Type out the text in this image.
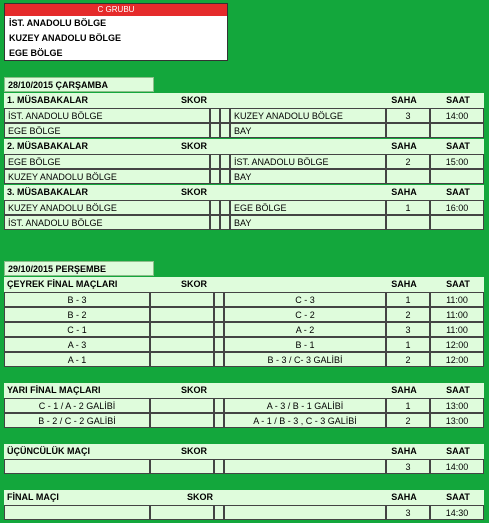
C GRUBU
İST. ANADOLU BÖLGE
KUZEY ANADOLU BÖLGE
EGE BÖLGE
28/10/2015 ÇARŞAMBA
1. MÜSABAKALAR	SKOR	SAHA	SAAT
İST. ANADOLU BÖLGE	KUZEY ANADOLU BÖLGE	3	14:00
EGE BÖLGE	BAY
2. MÜSABAKALAR	SKOR	SAHA	SAAT
EGE BÖLGE	İST. ANADOLU BÖLGE	2	15:00
KUZEY ANADOLU BÖLGE	BAY
3. MÜSABAKALAR	SKOR	SAHA	SAAT
KUZEY ANADOLU BÖLGE	EGE BÖLGE	1	16:00
İST. ANADOLU BÖLGE	BAY
29/10/2015 PERŞEMBE
ÇEYREK FİNAL MAÇLARI	SKOR	SAHA	SAAT
B - 3	C - 3	1	11:00
B - 2	C - 2	2	11:00
C - 1	A - 2	3	11:00
A - 3	B - 1	1	12:00
A - 1	B - 3 / C- 3 GALİBİ	2	12:00
YARI FİNAL MAÇLARI	SKOR	SAHA	SAAT
C - 1 / A - 2 GALİBİ	A - 3 / B - 1 GALİBİ	1	13:00
B - 2 / C - 2 GALİBİ	A - 1 / B - 3 , C - 3 GALİBİ	2	13:00
ÜÇÜNCÜLÜK MAÇI	SKOR	SAHA	SAAT
3	14:00
FİNAL MAÇI	SKOR	SAHA	SAAT
3	14:30
